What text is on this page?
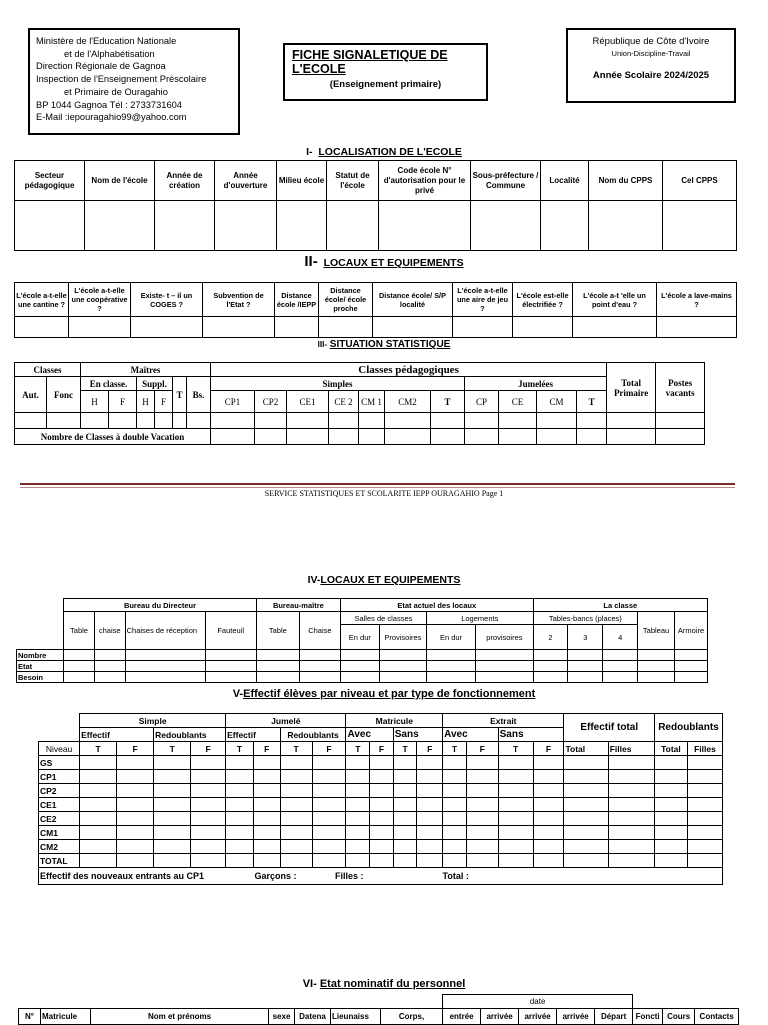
Ministère de l'Education Nationale
et de l'Alphabétisation
Direction Régionale de Gagnoa
Inspection de l'Enseignement Préscolaire
et Primaire de Ouragahio
BP 1044 Gagnoa Tél : 2733731604
E-Mail :iepouragahio99@yahoo.com
FICHE SIGNALETIQUE DE
L'ECOLE
(Enseignement primaire)
République de Côte d'Ivoire
Union-Discipline-Travail
Année Scolaire 2024/2025
I- LOCALISATION DE L'ECOLE
Secteur pédagogique	Nom de l'école	Année de création	Année d'ouverture	Milieu école	Statut de l'école	Code école N° d'autorisation pour le privé	Sous-préfecture / Commune	Localité	Nom du CPPS	Cel CPPS

II- LOCAUX ET EQUIPEMENTS
L'école a-t-elle une cantine ?	L'école a-t-elle une coopérative ?	Existe- t – il un COGES ?	Subvention de l'Etat ?	Distance école /IEPP	Distance école/ école proche	Distance école/ S/P localité	L'école a-t-elle une aire de jeu ?	L'école est-elle électrifiée ?	L'école a-t 'elle un point d'eau ?	L'école a lave-mains ?

III- SITUATION STATISTIQUE
Classes		Maîtres						Classes pédagogiques											Total Primaire	Postes vacants
Aut.	Fonc	En classe.		Suppl.		T	Bs.	Simples							Jumelées					
		H	F	H	F			CP1	CP2	CE1	CE 2	CM 1	CM2	T	CP	CE	CM	T		

Nombre de Classes à double Vacation																				
SERVICE STATISTIQUES ET SCOLARITE IEPP OURAGAHIO Page 1
IV-LOCAUX ET EQUIPEMENTS
	Bureau du Directeur				Bureau-maître		Etat actuel des locaux				La classe				
	Table	chaise	Chaises de réception	Fauteuil	Table	Chaise	Salles de classes		Logements		Tables-bancs (places)			Tableau	Armoire
							En dur	Provisoires	En dur	provisoires	2	3	4		
Nombre															
Etat															
Besoin															
V-Effectif élèves par niveau et par type de fonctionnement
	Simple				Jumelé				Matricule				Extrait				Effectif total		Redoublants	
	Effectif		Redoublants		Effectif		Redoublants		Avec		Sans		Avec		Sans					
Niveau	T	F	T	F	T	F	T	F	T	F	T	F	T	F	T	F	Total	Filles	Total	Filles
GS																				
CP1																				
CP2																				
CE1																				
CE2																				
CM1																				
CM2																				
TOTAL																				
Effectif des nouveaux entrants au CP1 Garçons : Filles : Total :																				
VI- Etat nominatif du personnel
							date							
N°	Matricule	Nom et prénoms	sexe	Datena	Lieunaiss	Corps,	entrée	arrivée	arrivée	arrivée	Départ	Foncti	Cours	Contacts
